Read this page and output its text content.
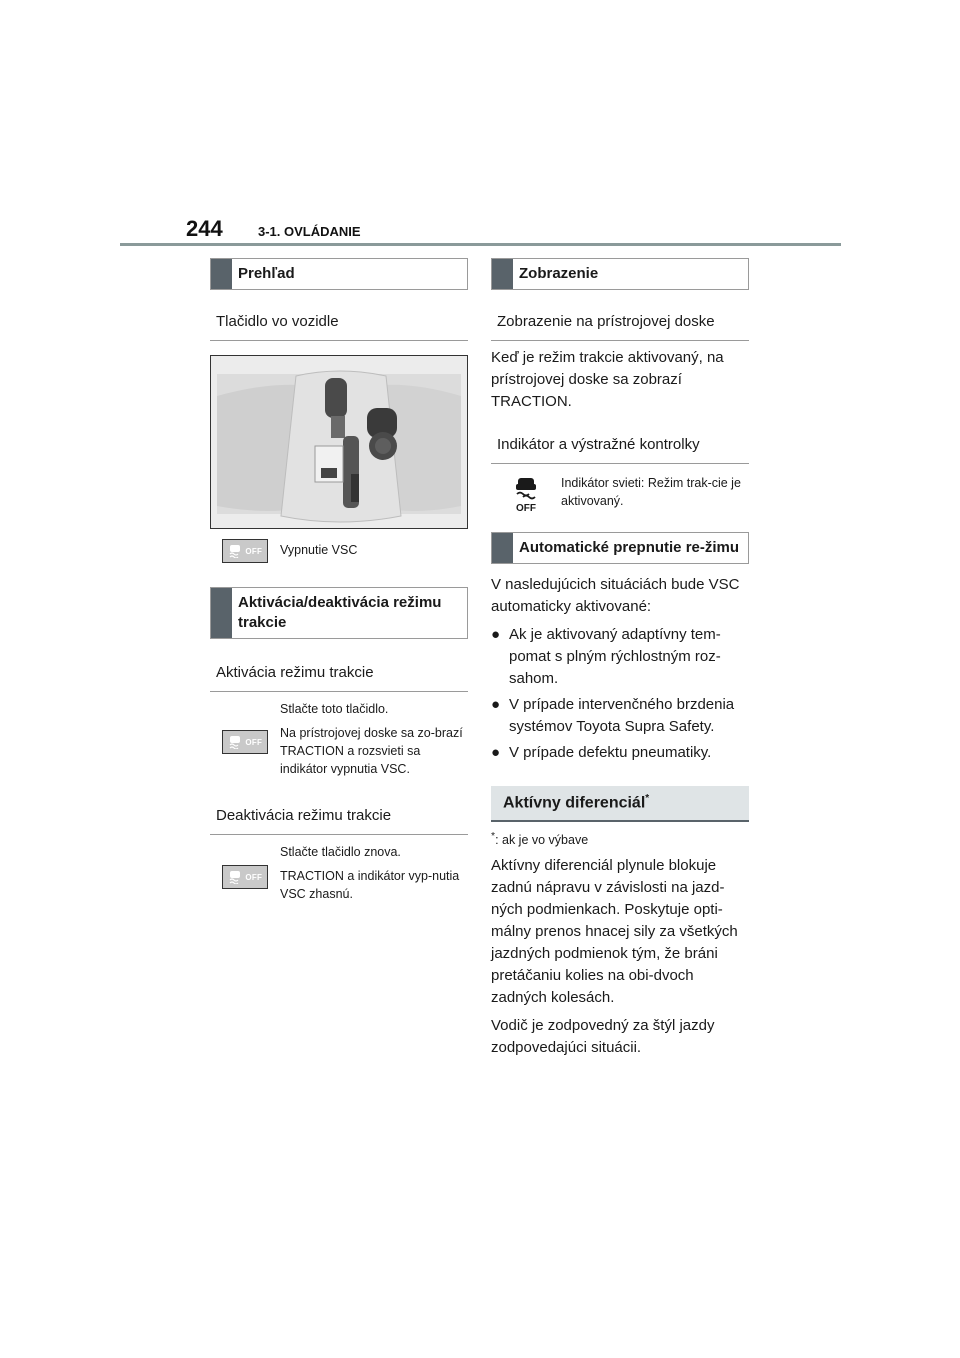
244	3-1. OVLÁDANIE
Prehľad
Tlačidlo vo vozidle
OFF Vypnutie VSC
Aktivácia/deaktivácia režimu trakcie
Aktivácia režimu trakcie
OFF

Stlačte toto tlačidlo.

Na prístrojovej doske sa zo-brazí TRACTION a rozsvieti sa indikátor vypnutia VSC.

Deaktivácia režimu trakcie
OFF

Stlačte tlačidlo znova.

TRACTION a indikátor vyp-nutia VSC zhasnú.

Zobrazenie
Zobrazenie na prístrojovej doske

Keď je režim trakcie aktivovaný, na prístrojovej doske sa zobrazí TRACTION.

Indikátor a výstražné kontrolky
OFF
Indikátor svieti: Režim trak-cie je aktivovaný.
Automatické prepnutie re-žimu

V nasledujúcich situáciách bude VSC automaticky aktivované:

● Ak je aktivovaný adaptívny tem-pomat s plným rýchlostným roz-sahom.
● V prípade intervenčného brzdenia systémov Toyota Supra Safety.
● V prípade defektu pneumatiky.
Aktívny diferenciál*

*: ak je vo výbave

Aktívny diferenciál plynule blokuje zadnú nápravu v závislosti na jazd-ných podmienkach. Poskytuje opti-málny prenos hnacej sily za všetkých jazdných podmienok tým, že bráni pretáčaniu kolies na obi-dvoch zadných kolesách.

Vodič je zodpovedný za štýl jazdy zodpovedajúci situácii.
